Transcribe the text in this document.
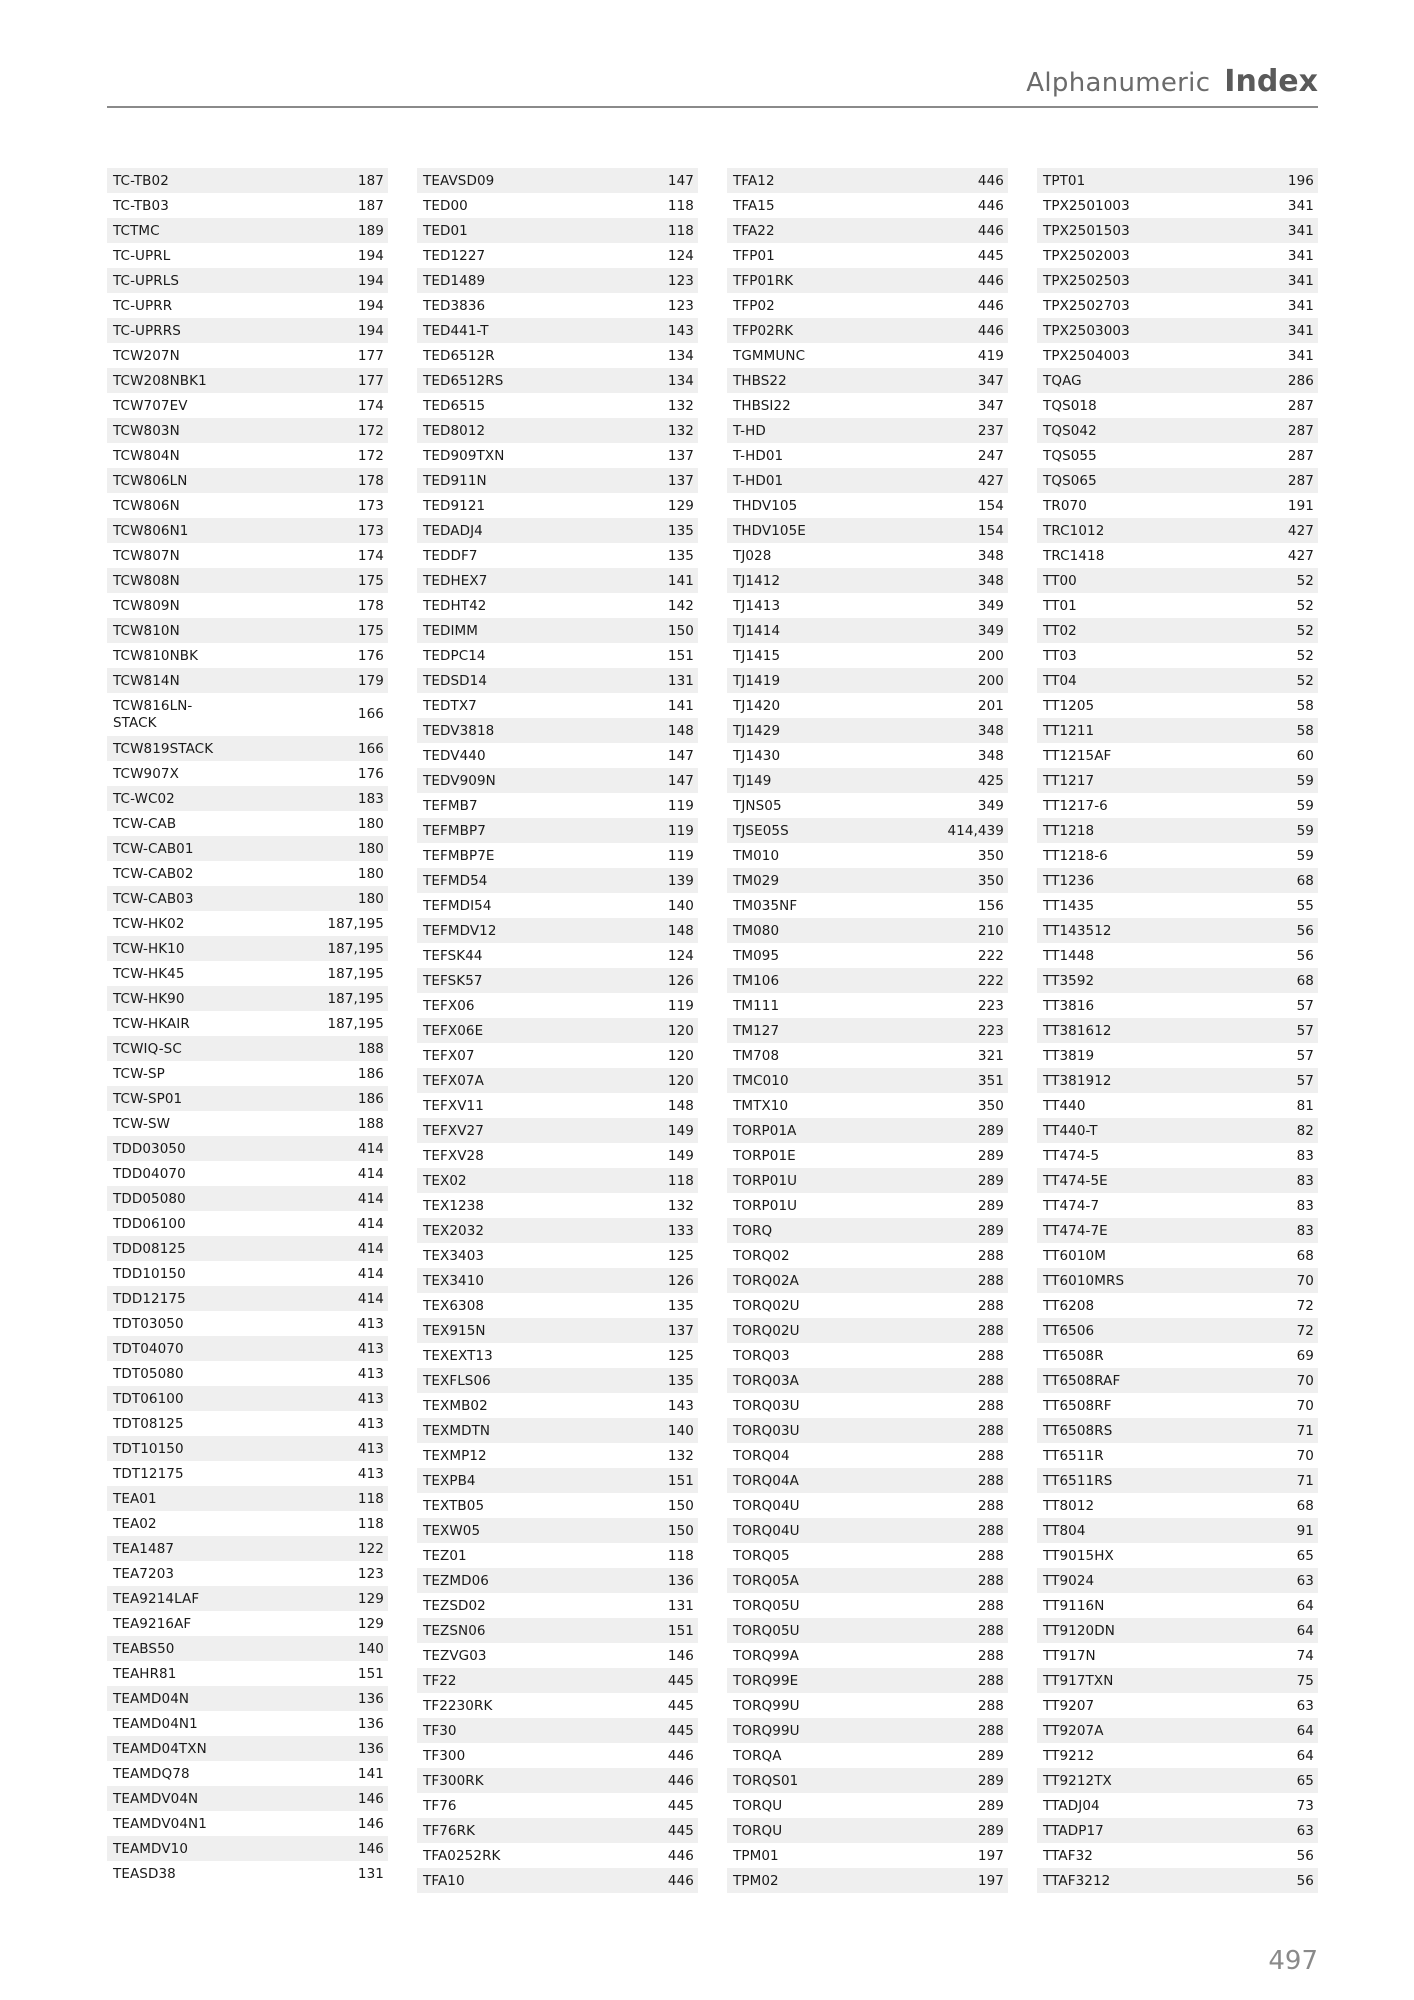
Alphanumeric Index
TC-TB02	187
TC-TB03	187
TCTMC	189
TC-UPRL	194
TC-UPRLS	194
TC-UPRR	194
TC-UPRRS	194
TCW207N	177
TCW208NBK1	177
TCW707EV	174
TCW803N	172
TCW804N	172
TCW806LN	178
TCW806N	173
TCW806N1	173
TCW807N	174
TCW808N	175
TCW809N	178
TCW810N	175
TCW810NBK	176
TCW814N	179
TCW816LN-STACK
166
TCW819STACK	166
TCW907X	176
TC-WC02	183
TCW-CAB	180
TCW-CAB01	180
TCW-CAB02	180
TCW-CAB03	180
TCW-HK02	187,195
TCW-HK10	187,195
TCW-HK45	187,195
TCW-HK90	187,195
TCW-HKAIR	187,195
TCWIQ-SC	188
TCW-SP	186
TCW-SP01	186
TCW-SW	188
TDD03050	414
TDD04070	414
TDD05080	414
TDD06100	414
TDD08125	414
TDD10150	414
TDD12175	414
TDT03050	413
TDT04070	413
TDT05080	413
TDT06100	413
TDT08125	413
TDT10150	413
TDT12175	413
TEA01	118
TEA02	118
TEA1487	122
TEA7203	123
TEA9214LAF	129
TEA9216AF	129
TEABS50	140
TEAHR81	151
TEAMD04N	136
TEAMD04N1	136
TEAMD04TXN	136
TEAMDQ78	141
TEAMDV04N	146
TEAMDV04N1	146
TEAMDV10	146
TEASD38	131
TEAVSD09	147
TED00	118
TED01	118
TED1227	124
TED1489	123
TED3836	123
TED441-T	143
TED6512R	134
TED6512RS	134
TED6515	132
TED8012	132
TED909TXN	137
TED911N	137
TED9121	129
TEDADJ4	135
TEDDF7	135
TEDHEX7	141
TEDHT42	142
TEDIMM	150
TEDPC14	151
TEDSD14	131
TEDTX7	141
TEDV3818	148
TEDV440	147
TEDV909N	147
TEFMB7	119
TEFMBP7	119
TEFMBP7E	119
TEFMD54	139
TEFMDI54	140
TEFMDV12	148
TEFSK44	124
TEFSK57	126
TEFX06	119
TEFX06E	120
TEFX07	120
TEFX07A	120
TEFXV11	148
TEFXV27	149
TEFXV28	149
TEX02	118
TEX1238	132
TEX2032	133
TEX3403	125
TEX3410	126
TEX6308	135
TEX915N	137
TEXEXT13	125
TEXFLS06	135
TEXMB02	143
TEXMDTN	140
TEXMP12	132
TEXPB4	151
TEXTB05	150
TEXW05	150
TEZ01	118
TEZMD06	136
TEZSD02	131
TEZSN06	151
TEZVG03	146
TF22	445
TF2230RK	445
TF30	445
TF300	446
TF300RK	446
TF76	445
TF76RK	445
TFA0252RK	446
TFA10	446
TFA12	446
TFA15	446
TFA22	446
TFP01	445
TFP01RK	446
TFP02	446
TFP02RK	446
TGMMUNC	419
THBS22	347
THBSI22	347
T-HD	237
T-HD01	247
T-HD01	427
THDV105	154
THDV105E	154
TJ028	348
TJ1412	348
TJ1413	349
TJ1414	349
TJ1415	200
TJ1419	200
TJ1420	201
TJ1429	348
TJ1430	348
TJ149	425
TJNS05	349
TJSE05S	414,439
TM010	350
TM029	350
TM035NF	156
TM080	210
TM095	222
TM106	222
TM111	223
TM127	223
TM708	321
TMC010	351
TMTX10	350
TORP01A	289
TORP01E	289
TORP01U	289
TORP01U	289
TORQ	289
TORQ02	288
TORQ02A	288
TORQ02U	288
TORQ02U	288
TORQ03	288
TORQ03A	288
TORQ03U	288
TORQ03U	288
TORQ04	288
TORQ04A	288
TORQ04U	288
TORQ04U	288
TORQ05	288
TORQ05A	288
TORQ05U	288
TORQ05U	288
TORQ99A	288
TORQ99E	288
TORQ99U	288
TORQ99U	288
TORQA	289
TORQS01	289
TORQU	289
TORQU	289
TPM01	197
TPM02	197
TPT01	196
TPX2501003	341
TPX2501503	341
TPX2502003	341
TPX2502503	341
TPX2502703	341
TPX2503003	341
TPX2504003	341
TQAG	286
TQS018	287
TQS042	287
TQS055	287
TQS065	287
TR070	191
TRC1012	427
TRC1418	427
TT00	52
TT01	52
TT02	52
TT03	52
TT04	52
TT1205	58
TT1211	58
TT1215AF	60
TT1217	59
TT1217-6	59
TT1218	59
TT1218-6	59
TT1236	68
TT1435	55
TT143512	56
TT1448	56
TT3592	68
TT3816	57
TT381612	57
TT3819	57
TT381912	57
TT440	81
TT440-T	82
TT474-5	83
TT474-5E	83
TT474-7	83
TT474-7E	83
TT6010M	68
TT6010MRS	70
TT6208	72
TT6506	72
TT6508R	69
TT6508RAF	70
TT6508RF	70
TT6508RS	71
TT6511R	70
TT6511RS	71
TT8012	68
TT804	91
TT9015HX	65
TT9024	63
TT9116N	64
TT9120DN	64
TT917N	74
TT917TXN	75
TT9207	63
TT9207A	64
TT9212	64
TT9212TX	65
TTADJ04	73
TTADP17	63
TTAF32	56
TTAF3212	56
497
